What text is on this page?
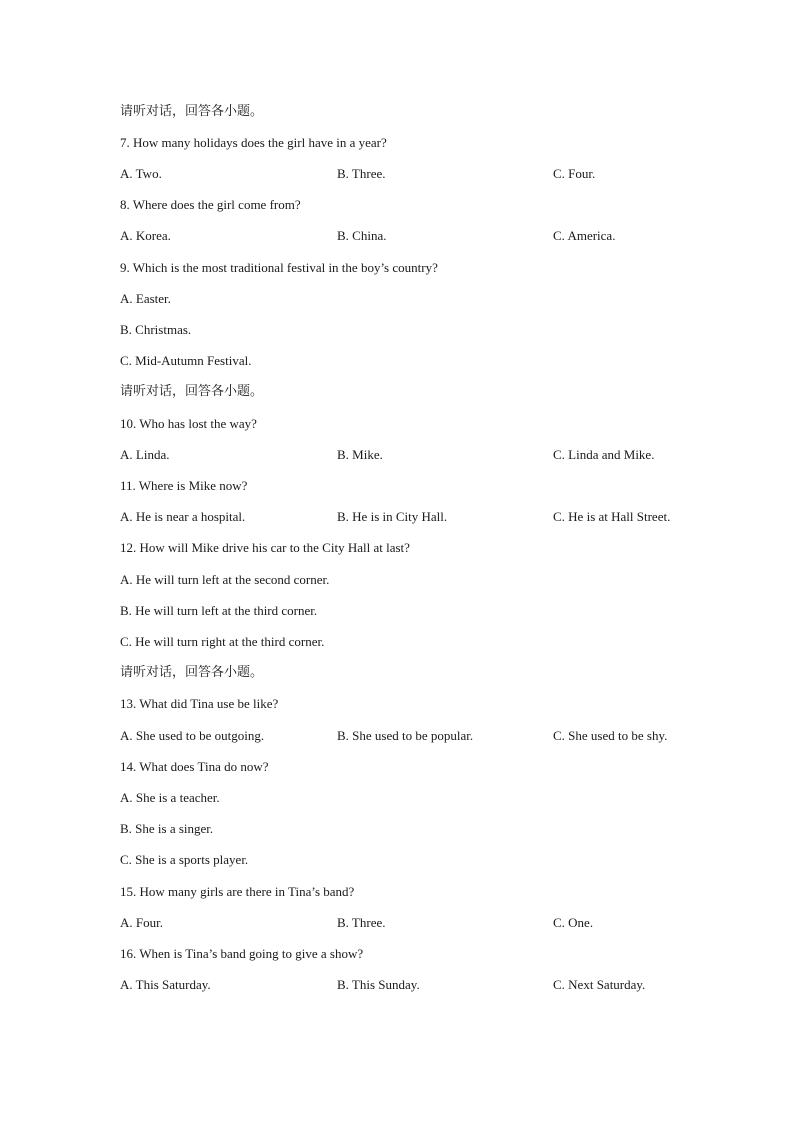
请听对话，回答各小题。
7. How many holidays does the girl have in a year?
A. Two.	B. Three.	C. Four.
8. Where does the girl come from?
A. Korea.	B. China.	C. America.
9. Which is the most traditional festival in the boy’s country?
A. Easter.
B. Christmas.
C. Mid-Autumn Festival.
请听对话，回答各小题。
10. Who has lost the way?
A. Linda.	B. Mike.	C. Linda and Mike.
11. Where is Mike now?
A. He is near a hospital.	B. He is in City Hall.	C. He is at Hall Street.
12. How will Mike drive his car to the City Hall at last?
A. He will turn left at the second corner.
B. He will turn left at the third corner.
C. He will turn right at the third corner.
请听对话，回答各小题。
13. What did Tina use be like?
A. She used to be outgoing.	B. She used to be popular.	C. She used to be shy.
14. What does Tina do now?
A. She is a teacher.
B. She is a singer.
C. She is a sports player.
15. How many girls are there in Tina’s band?
A. Four.	B. Three.	C. One.
16. When is Tina’s band going to give a show?
A. This Saturday.	B. This Sunday.	C. Next Saturday.
